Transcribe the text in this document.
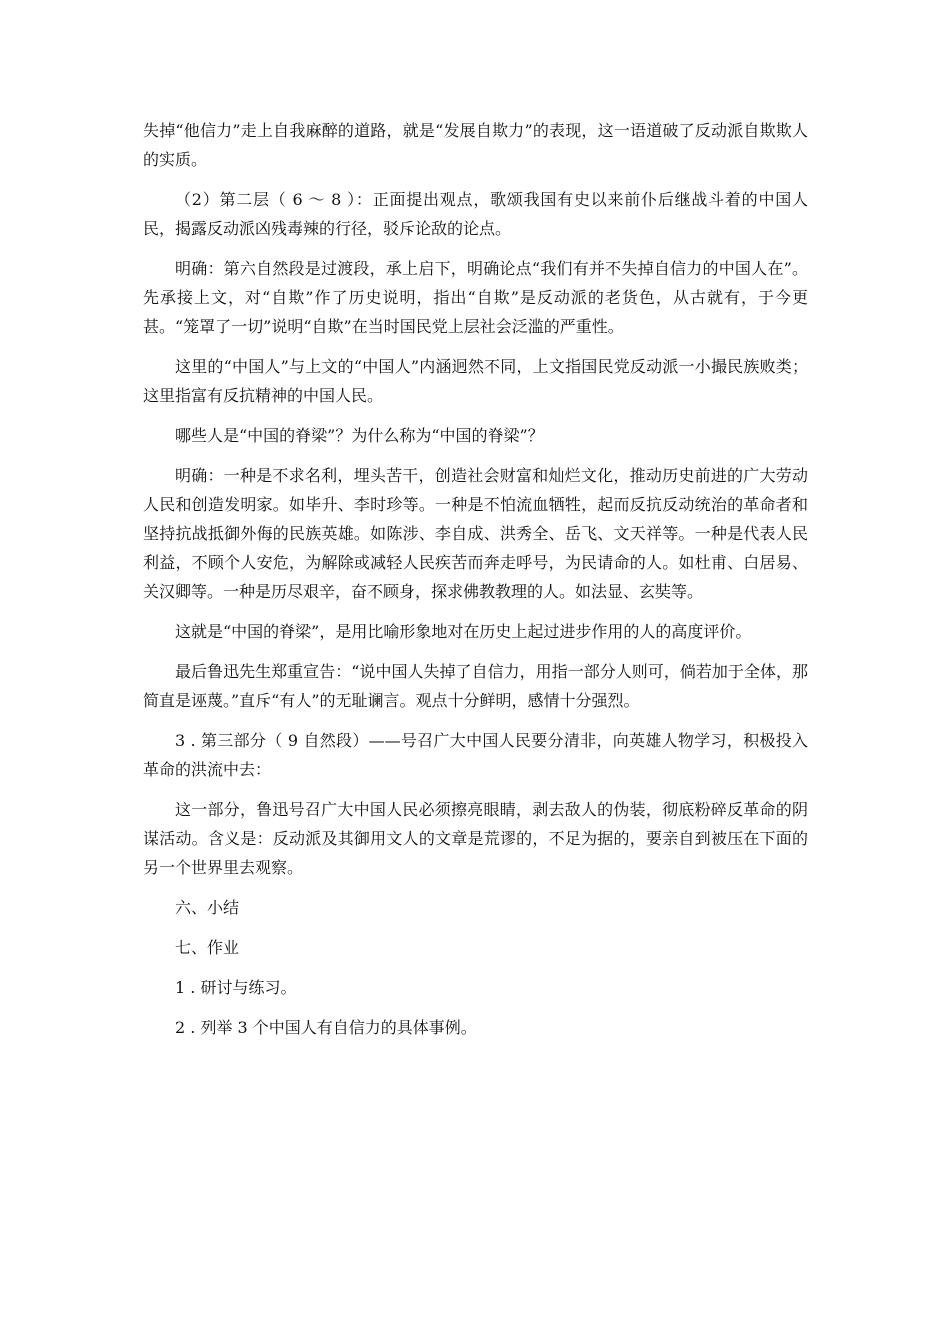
失掉“他信力”走上自我麻醉的道路，就是“发展自欺力”的表现，这一语道破了反动派自欺欺人的实质。

（2）第二层（ 6 ～ 8 ）：正面提出观点，歌颂我国有史以来前仆后继战斗着的中国人民，揭露反动派凶残毒辣的行径，驳斥论敌的论点。

明确：第六自然段是过渡段，承上启下，明确论点“我们有并不失掉自信力的中国人在”。先承接上文，对“自欺”作了历史说明，指出“自欺”是反动派的老货色，从古就有，于今更甚。“笼罩了一切”说明“自欺”在当时国民党上层社会泛滥的严重性。

这里的“中国人”与上文的“中国人”内涵迥然不同，上文指国民党反动派一小撮民族败类；这里指富有反抗精神的中国人民。

哪些人是“中国的脊梁”？为什么称为“中国的脊梁”？

明确：一种是不求名利，埋头苦干，创造社会财富和灿烂文化，推动历史前进的广大劳动人民和创造发明家。如毕升、李时珍等。一种是不怕流血牺牲，起而反抗反动统治的革命者和坚持抗战抵御外侮的民族英雄。如陈涉、李自成、洪秀全、岳飞、文天祥等。一种是代表人民利益，不顾个人安危，为解除或减轻人民疾苦而奔走呼号，为民请命的人。如杜甫、白居易、关汉卿等。一种是历尽艰辛，奋不顾身，探求佛教教理的人。如法显、玄奘等。

这就是“中国的脊梁”，是用比喻形象地对在历史上起过进步作用的人的高度评价。

最后鲁迅先生郑重宣告：“说中国人失掉了自信力，用指一部分人则可，倘若加于全体，那简直是诬蔑。”直斥“有人”的无耻谰言。观点十分鲜明，感情十分强烈。

3 . 第三部分（ 9 自然段）——号召广大中国人民要分清非，向英雄人物学习，积极投入革命的洪流中去：

这一部分，鲁迅号召广大中国人民必须擦亮眼睛，剥去敌人的伪装，彻底粉碎反革命的阴谋活动。含义是：反动派及其御用文人的文章是荒谬的，不足为据的，要亲自到被压在下面的另一个世界里去观察。

六、小结

七、作业

1 . 研讨与练习。

2 . 列举 3 个中国人有自信力的具体事例。
